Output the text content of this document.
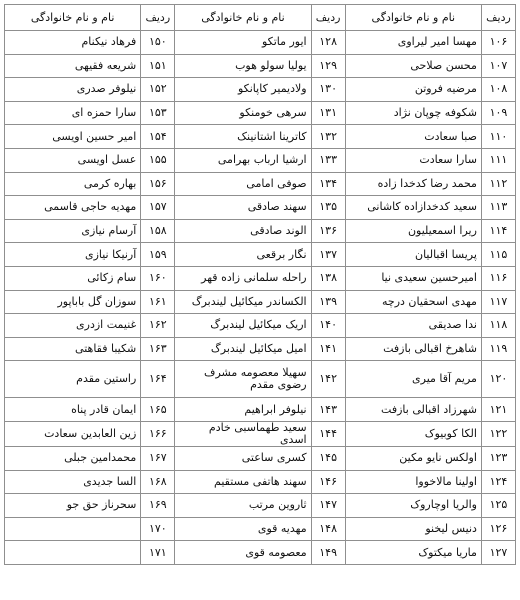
ردیف	نام و نام خانوادگی	ردیف	نام و نام خانوادگی	ردیف	نام و نام خانوادگی
۱۰۶	مهسا امیر لیراوی	۱۲۸	ایور ماتکو	۱۵۰	فرهاد نیکنام
۱۰۷	محسن صلاحی	۱۲۹	یولیا سولو هوب	۱۵۱	شریعه فقیهی
۱۰۸	مرضیه فروتن	۱۳۰	ولادیمیر کاپانکو	۱۵۲	نیلوفر صدری
۱۰۹	شکوفه چوپان نژاد	۱۳۱	سرهی خومنکو	۱۵۳	سارا حمزه ای
۱۱۰	صبا سعادت	۱۳۲	کاترینا اشتانینک	۱۵۴	امیر حسین اویسی
۱۱۱	سارا سعادت	۱۳۳	ارشیا ارباب بهرامی	۱۵۵	عسل اویسی
۱۱۲	محمد رضا کدخدا زاده	۱۳۴	صوفی امامی	۱۵۶	بهاره کرمی
۱۱۳	سعید کدخدازاده کاشانی	۱۳۵	سهند صادقی	۱۵۷	مهدیه حاجی قاسمی
۱۱۴	ریرا اسمعیلیون	۱۳۶	الوند صادقی	۱۵۸	آرسام نیازی
۱۱۵	پریسا اقبالیان	۱۳۷	نگار برقعی	۱۵۹	آرنیکا نیازی
۱۱۶	امیرحسین سعیدی نیا	۱۳۸	راحله سلمانی زاده قهر	۱۶۰	سام زکائی
۱۱۷	مهدی اسحقیان درچه	۱۳۹	الکساندر میکائیل لیندبرگ	۱۶۱	سوزان گل باباپور
۱۱۸	ندا صدیقی	۱۴۰	اریک میکائیل لیندبرگ	۱۶۲	غنیمت ازدری
۱۱۹	شاهرخ اقبالی بازفت	۱۴۱	امیل میکائیل لیندبرگ	۱۶۳	شکیبا فقاهتی
۱۲۰	مریم آقا میری	۱۴۲	سهیلا معصومه مشرف رضوی مقدم	۱۶۴	راستین مقدم
۱۲۱	شهرزاد اقبالی بازفت	۱۴۳	نیلوفر ابراهیم	۱۶۵	ایمان قادر پناه
۱۲۲	الکا کوبیوک	۱۴۴	سعید طهماسبی خادم اسدی	۱۶۶	زین العابدین سعادت
۱۲۳	اولکس نایو مکین	۱۴۵	کسری ساعتی	۱۶۷	محمدامین جبلی
۱۲۴	اولینا مالاخووا	۱۴۶	سهند هاتفی مستقیم	۱۶۸	السا جدیدی
۱۲۵	والریا اوچاروک	۱۴۷	ثاروین مرتب	۱۶۹	سحرناز حق جو
۱۲۶	دنیس لیخنو	۱۴۸	مهدیه قوی	۱۷۰	
۱۲۷	ماریا میکتوک	۱۴۹	معصومه قوی	۱۷۱	
